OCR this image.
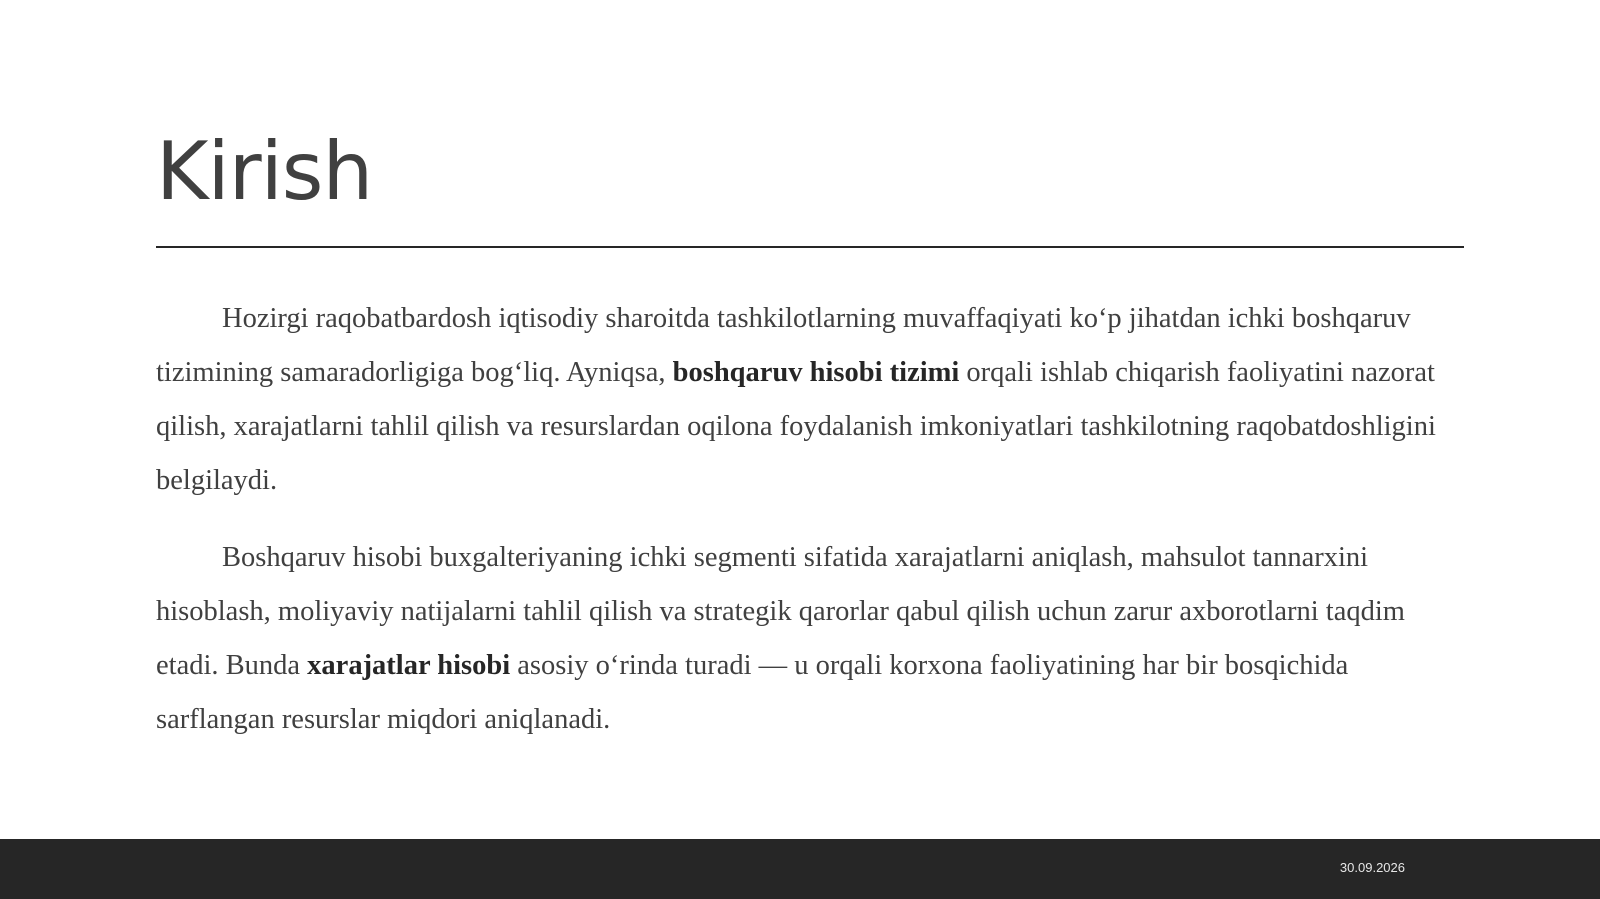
Kirish

Hozirgi raqobatbardosh iqtisodiy sharoitda tashkilotlarning muvaffaqiyati ko‘p jihatdan ichki boshqaruv tizimining samaradorligiga bog‘liq. Ayniqsa, boshqaruv hisobi tizimi orqali ishlab chiqarish faoliyatini nazorat qilish, xarajatlarni tahlil qilish va resurslardan oqilona foydalanish imkoniyatlari tashkilotning raqobatdoshligini belgilaydi.

Boshqaruv hisobi buxgalteriyaning ichki segmenti sifatida xarajatlarni aniqlash, mahsulot tannarxini hisoblash, moliyaviy natijalarni tahlil qilish va strategik qarorlar qabul qilish uchun zarur axborotlarni taqdim etadi. Bunda xarajatlar hisobi asosiy o‘rinda turadi — u orqali korxona faoliyatining har bir bosqichida sarflangan resurslar miqdori aniqlanadi.

30.09.2026
